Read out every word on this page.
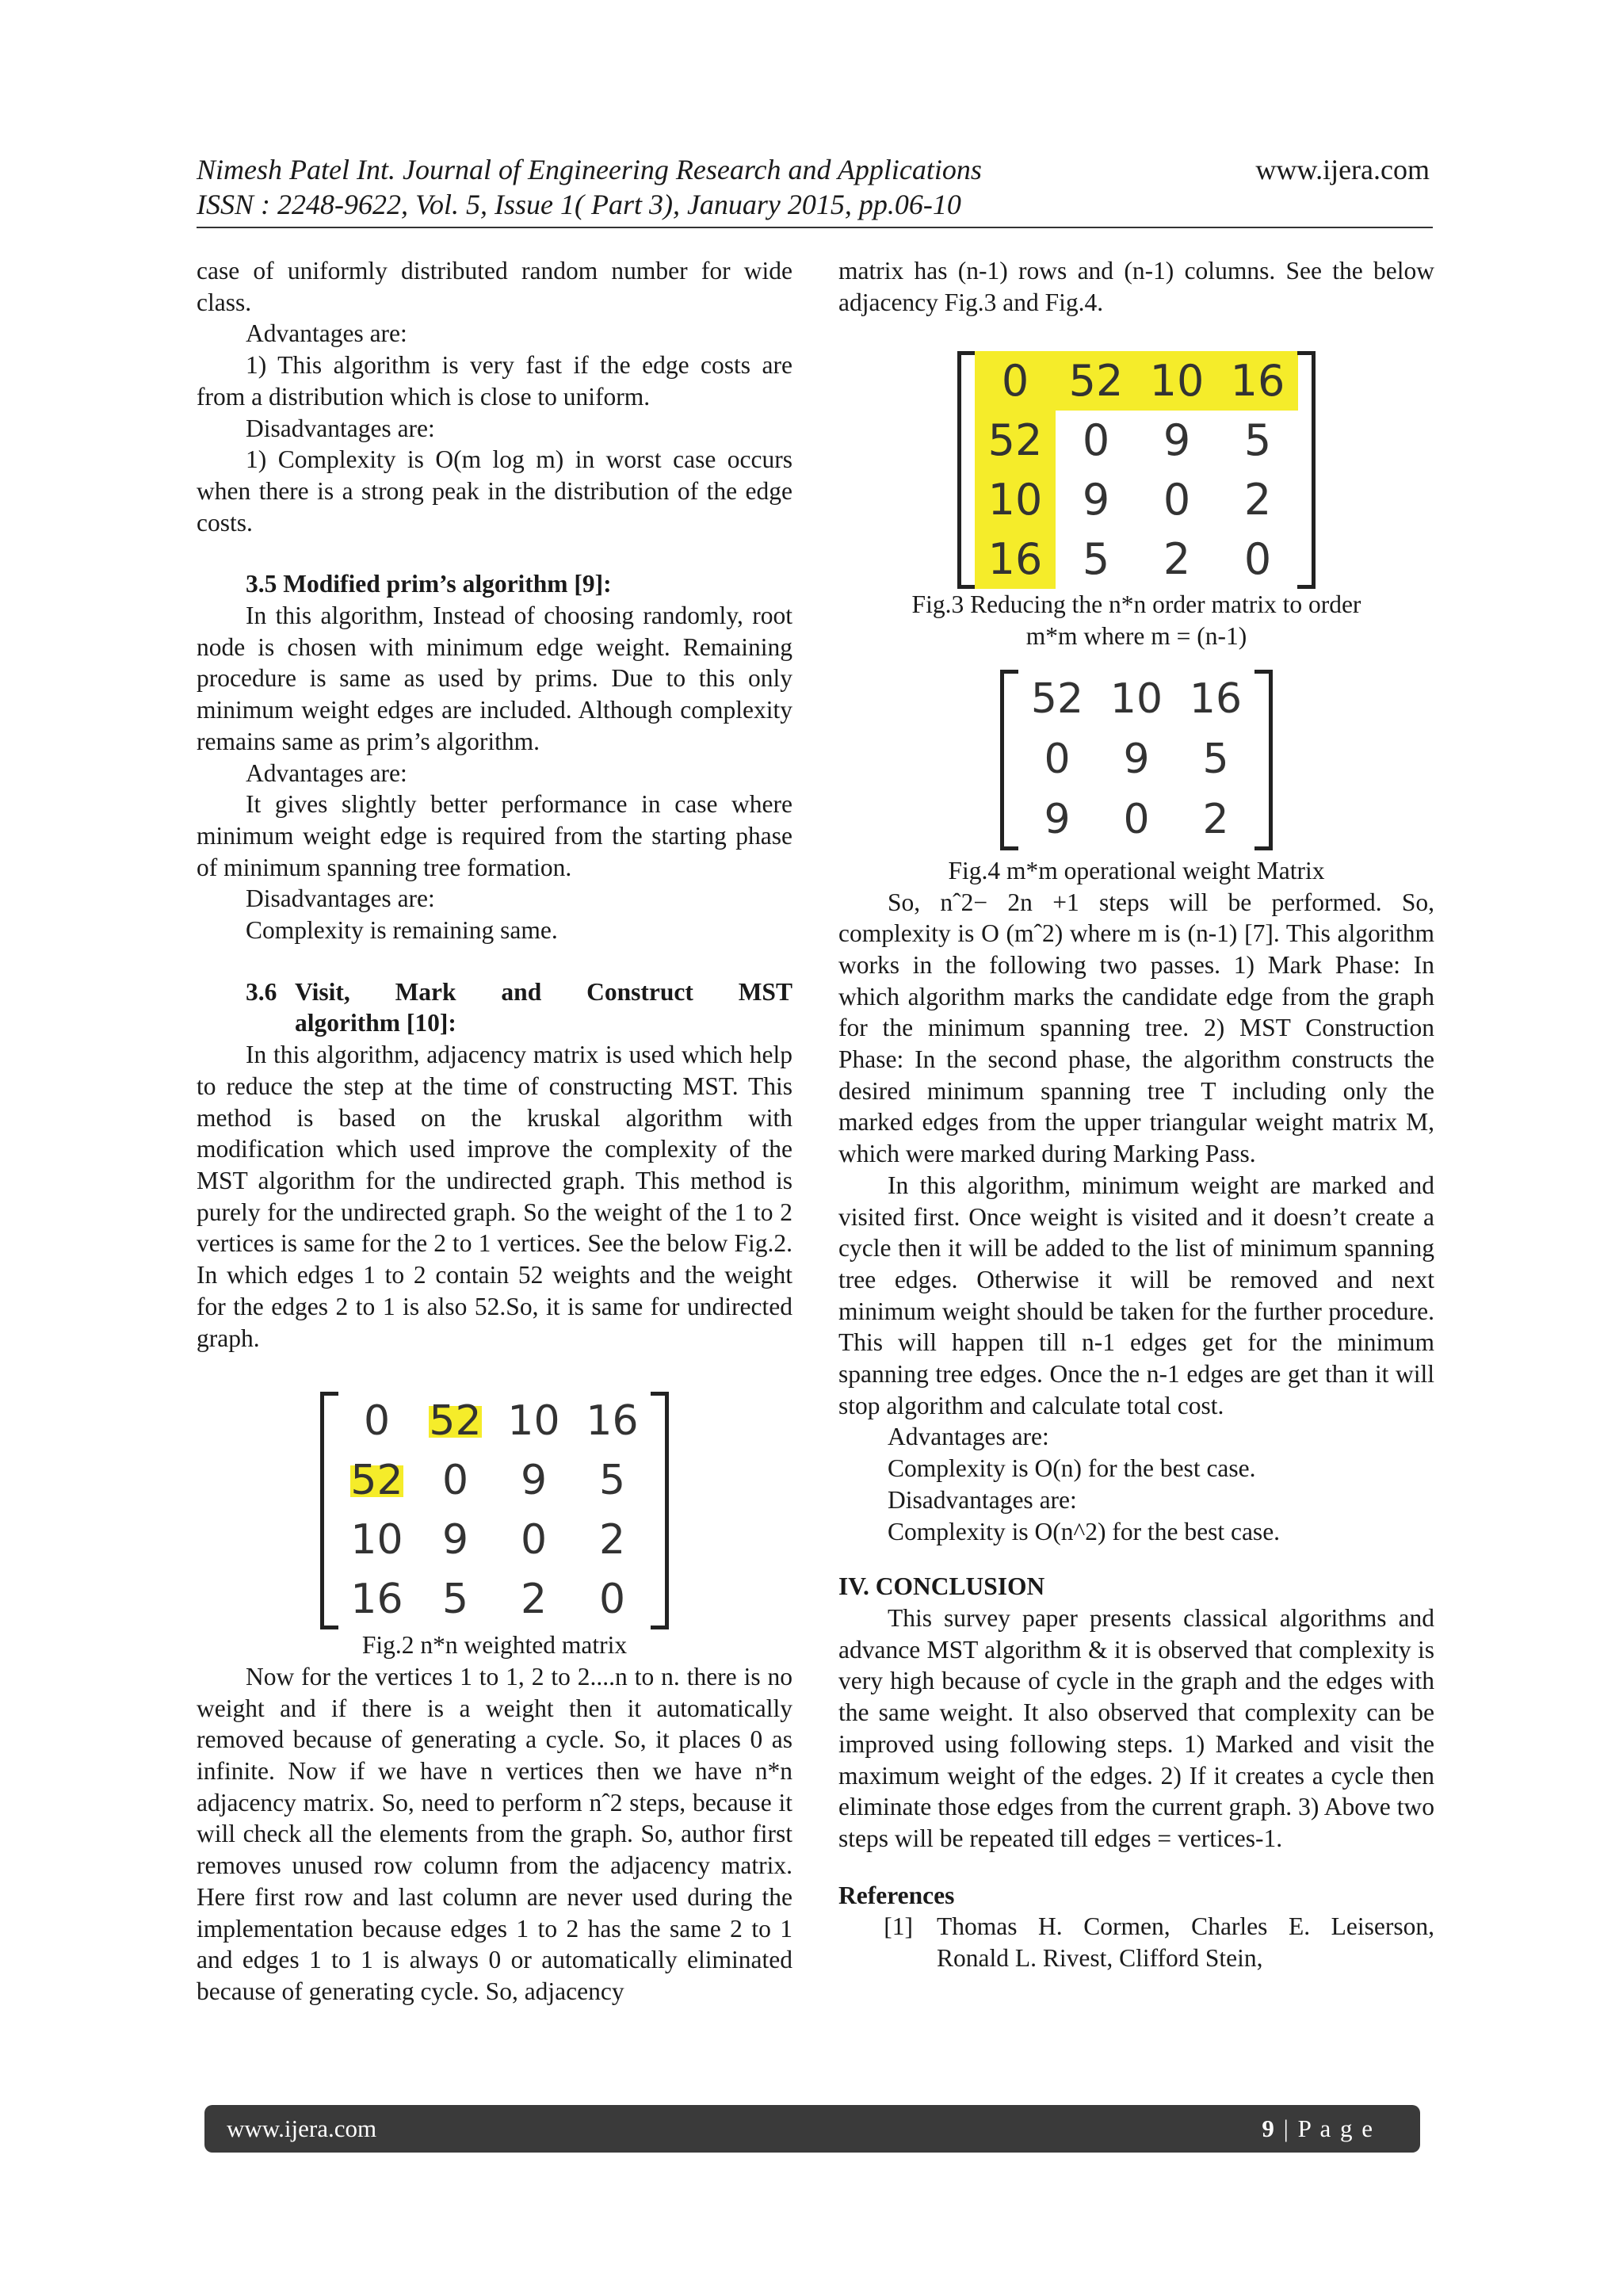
Nimesh Patel Int. Journal of Engineering Research and Applications	www.ijera.com
ISSN : 2248-9622, Vol. 5, Issue 1( Part 3), January 2015, pp.06-10

case of uniformly distributed random number for wide class.

Advantages are:

1) This algorithm is very fast if the edge costs are from a distribution which is close to uniform.

Disadvantages are:

1) Complexity is O(m log m) in worst case occurs when there is a strong peak in the distribution of the edge costs.

3.5 Modified prim’s algorithm [9]:

In this algorithm, Instead of choosing randomly, root node is chosen with minimum edge weight. Remaining procedure is same as used by prims. Due to this only minimum weight edges are included. Although complexity remains same as prim’s algorithm.

Advantages are:

It gives slightly better performance in case where minimum weight edge is required from the starting phase of minimum spanning tree formation.

Disadvantages are:

Complexity is remaining same.

3.6 Visit, Mark and Construct MST
algorithm [10]:

In this algorithm, adjacency matrix is used which help to reduce the step at the time of constructing MST. This method is based on the kruskal algorithm with modification which used improve the complexity of the MST algorithm for the undirected graph. This method is purely for the undirected graph. So the weight of the 1 to 2 vertices is same for the 2 to 1 vertices. See the below Fig.2. In which edges 1 to 2 contain 52 weights and the weight for the edges 2 to 1 is also 52.So, it is same for undirected graph.

0 52 10 16
52 0	9	5
10 9	0	2
16 5	2	0

Fig.2 n*n weighted matrix

Now for the vertices 1 to 1, 2 to 2....n to n. there is no weight and if there is a weight then it automatically removed because of generating a cycle. So, it places 0 as infinite. Now if we have n vertices then we have n*n adjacency matrix. So, need to perform nˆ2 steps, because it will check all the elements from the graph. So, author first removes unused row column from the adjacency matrix. Here first row and last column are never used during the implementation because edges 1 to 2 has the same 2 to 1 and edges 1 to 1 is always 0 or automatically eliminated because of generating cycle. So, adjacency

matrix has (n-1) rows and (n-1) columns. See the below adjacency Fig.3 and Fig.4.

0 52 10 16
52 0	9	5
10 9	0	2
16 5	2	0

Fig.3 Reducing the n*n order matrix to order

m*m where m = (n-1)

52 10 16
0	9	5
9	0	2

Fig.4 m*m operational weight Matrix

So, nˆ2− 2n +1 steps will be performed. So, complexity is O (mˆ2) where m is (n-1) [7]. This algorithm works in the following two passes. 1) Mark Phase: In which algorithm marks the candidate edge from the graph for the minimum spanning tree. 2) MST Construction Phase: In the second phase, the algorithm constructs the desired minimum spanning tree T including only the marked edges from the upper triangular weight matrix M, which were marked during Marking Pass.

In this algorithm, minimum weight are marked and visited first. Once weight is visited and it doesn’t create a cycle then it will be added to the list of minimum spanning tree edges. Otherwise it will be removed and next minimum weight should be taken for the further procedure. This will happen till n-1 edges get for the minimum spanning tree edges. Once the n-1 edges are get than it will stop algorithm and calculate total cost.

Advantages are:

Complexity is O(n) for the best case.

Disadvantages are:

Complexity is O(n^2) for the best case.

IV. CONCLUSION

This survey paper presents classical algorithms and advance MST algorithm & it is observed that complexity is very high because of cycle in the graph and the edges with the same weight. It also observed that complexity can be improved using following steps. 1) Marked and visit the maximum weight of the edges. 2) If it creates a cycle then eliminate those edges from the current graph. 3) Above two steps will be repeated till edges = vertices-1.

References

[1] Thomas H. Cormen, Charles E. Leiserson, Ronald L. Rivest, Clifford Stein,
www.ijera.com	9 | P a g e
